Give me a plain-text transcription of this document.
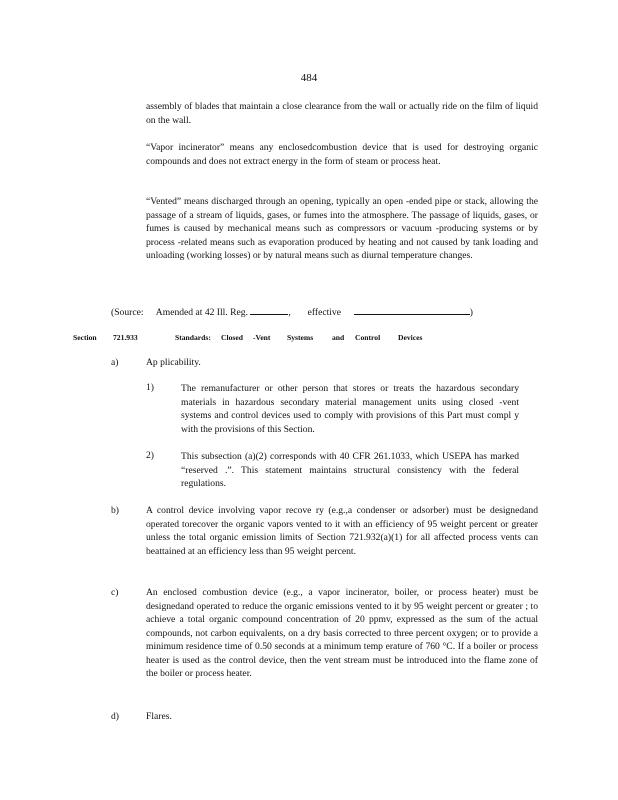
484
assembly of blades that maintain a close clearance from the wall or actually ride on the film of liquid on the wall.
“Vapor incinerator” means any enclosedcombustion device that is used for destroying organic compounds and does not extract energy in the form of steam or process heat.
“Vented” means discharged through an opening, typically an open -ended pipe or stack, allowing the passage of a stream of liquids, gases, or fumes into the atmosphere. The passage of liquids, gases, or fumes is caused by mechanical means such as compressors or vacuum -producing systems or by process -related means such as evaporation produced by heating and not caused by tank loading and unloading (working losses) or by natural means such as diurnal temperature changes.
(Source: Amended at 42 Ill. Reg.	,  effective	)
Section 721.933	Standards: Closed -Vent Systems and Control Devices
a)	Ap plicability.
1)	The remanufacturer or other person that stores or treats the hazardous secondary materials in hazardous secondary material management units using closed -vent systems and control devices used to comply with provisions of this Part must compl y with the provisions of this Section.
2)	This subsection (a)(2) corresponds with 40 CFR 261.1033, which USEPA has marked “reserved .”. This statement maintains structural consistency with the federal regulations.
b)	A control device involving vapor recove ry (e.g.,a condenser or adsorber) must be designedand operated torecover the organic vapors vented to it with an efficiency of 95 weight percent or greater unless the total organic emission limits of Section 721.932(a)(1) for all affected process vents can beattained at an efficiency less than 95 weight percent.
c)	An enclosed combustion device (e.g., a vapor incinerator, boiler, or process heater) must be designedand operated to reduce the organic emissions vented to it by 95 weight percent or greater ; to achieve a total organic compound concentration of 20 ppmv, expressed as the sum of the actual compounds, not carbon equivalents, on a dry basis corrected to three percent oxygen; or to provide a minimum residence time of 0.50 seconds at a minimum temp erature of 760 °C. If a boiler or process heater is used as the control device, then the vent stream must be introduced into the flame zone of the boiler or process heater.
d)	Flares.
